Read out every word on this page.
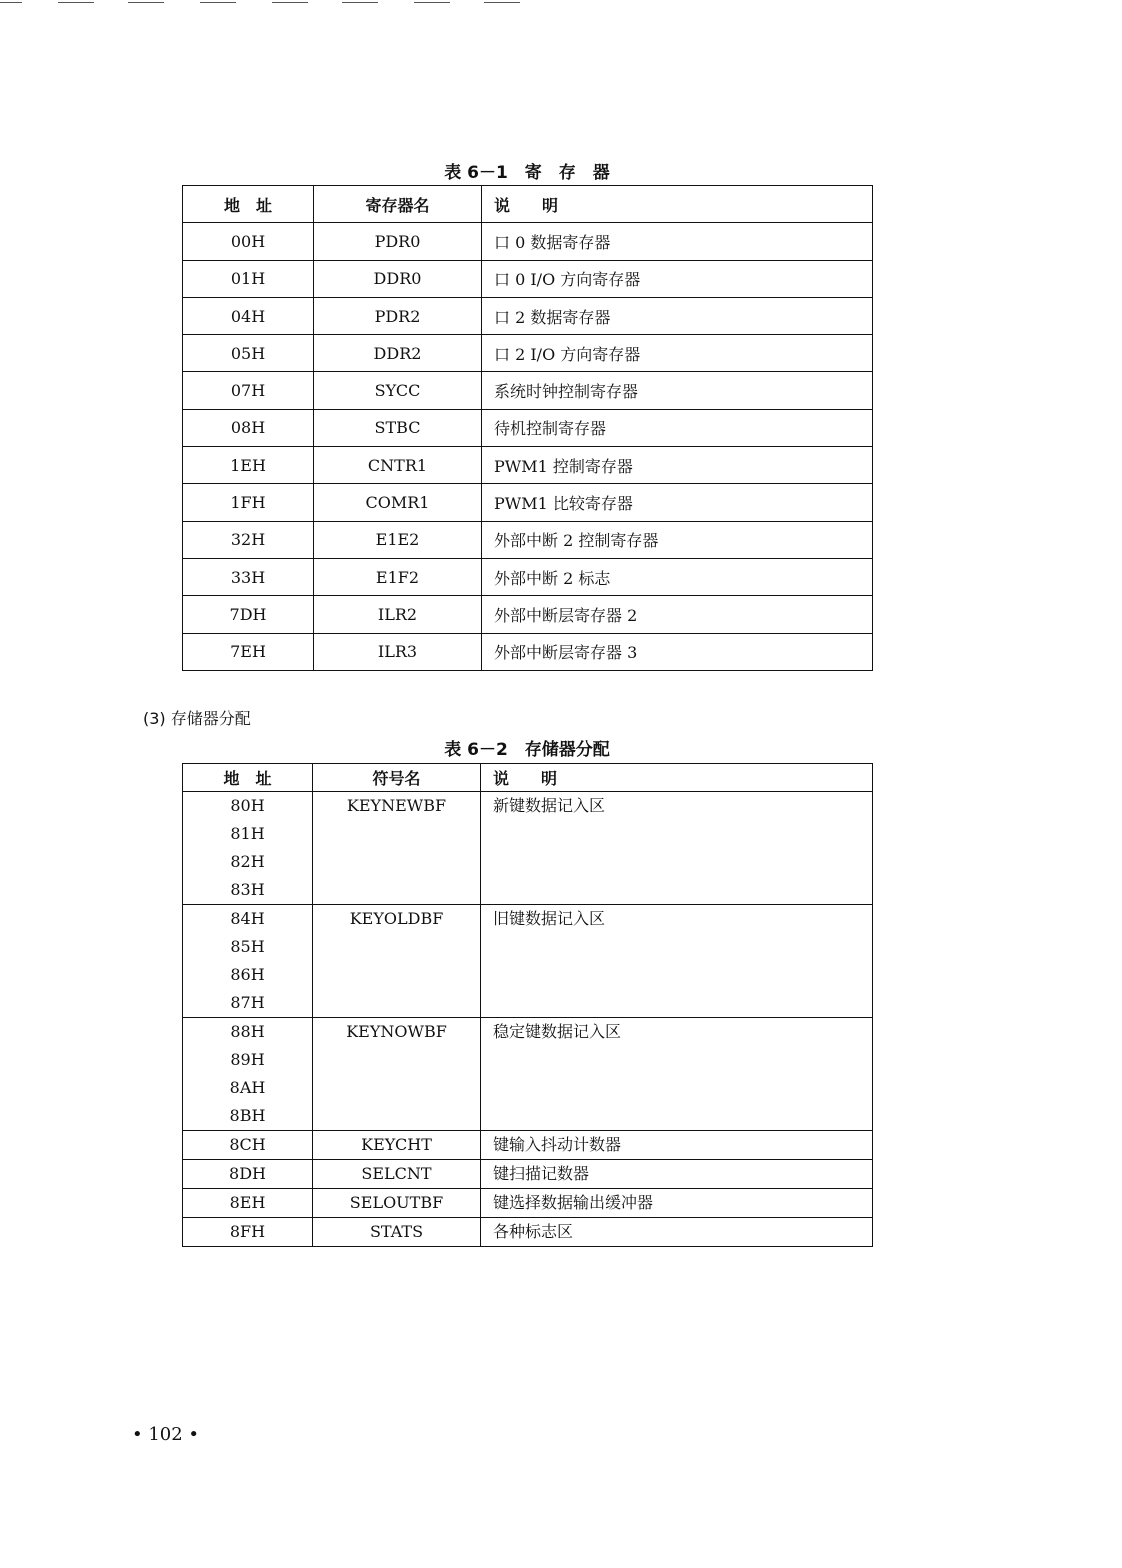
表 6－1　寄　存　器
地　址	寄存器名	说　　明
00H	PDR0	口 0 数据寄存器
01H	DDR0	口 0 I/O 方向寄存器
04H	PDR2	口 2 数据寄存器
05H	DDR2	口 2 I/O 方向寄存器
07H	SYCC	系统时钟控制寄存器
08H	STBC	待机控制寄存器
1EH	CNTR1	PWM1 控制寄存器
1FH	COMR1	PWM1 比较寄存器
32H	E1E2	外部中断 2 控制寄存器
33H	E1F2	外部中断 2 标志
7DH	ILR2	外部中断层寄存器 2
7EH	ILR3	外部中断层寄存器 3
(3) 存储器分配
表 6－2　存储器分配
地　址	符号名	说　　明

80H
81H
82H
83H	KEYNEWBF	新键数据记入区

84H
85H
86H
87H	KEYOLDBF	旧键数据记入区

88H
89H
8AH
8BH	KEYNOWBF	稳定键数据记入区

8CH	KEYCHT	键输入抖动计数器
8DH	SELCNT	键扫描记数器
8EH	SELOUTBF	键选择数据输出缓冲器
8FH	STATS	各种标志区
• 102 •
